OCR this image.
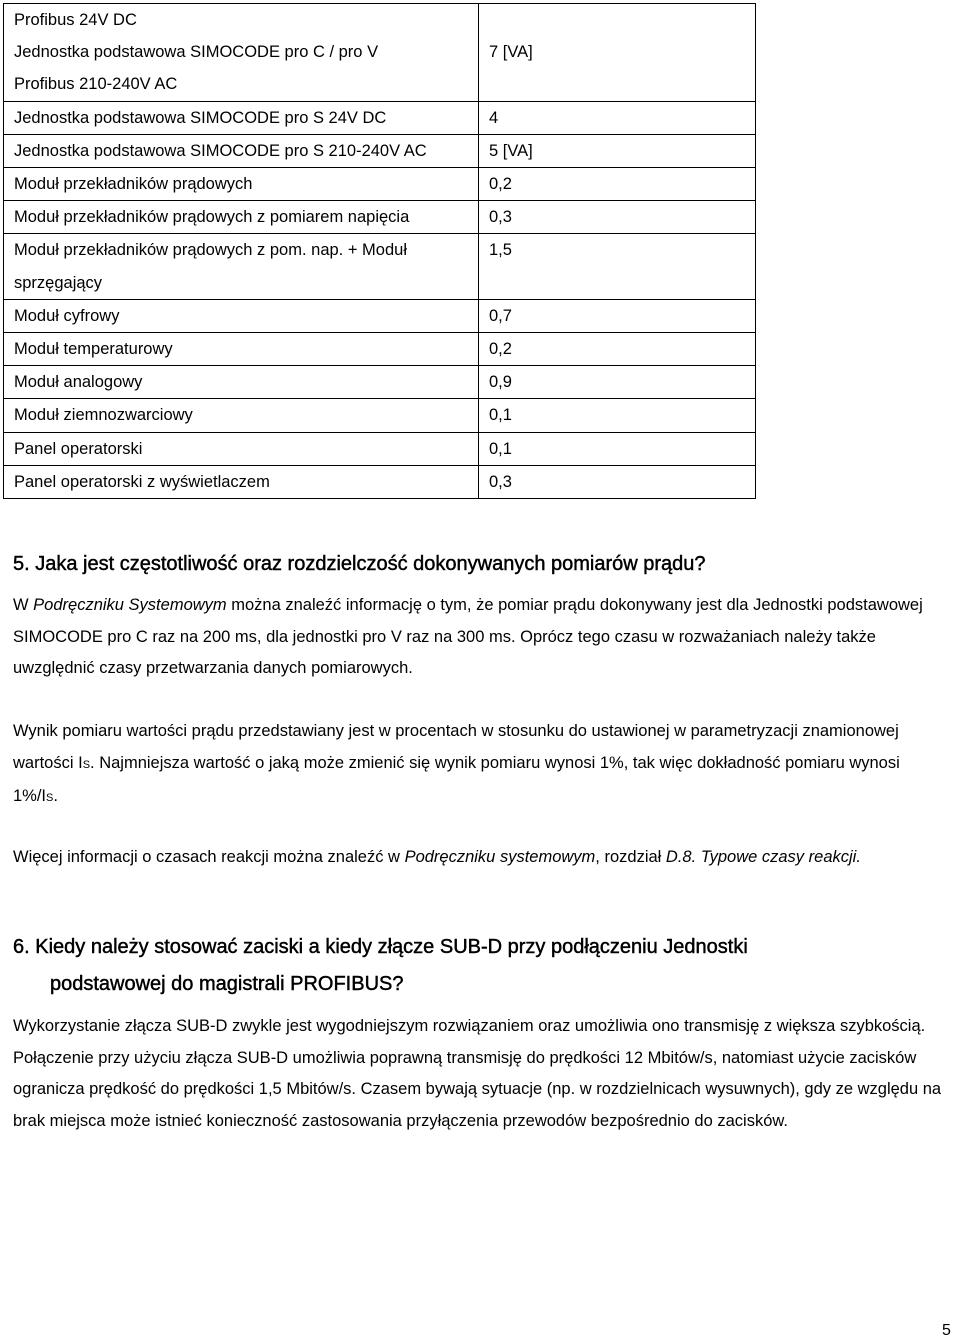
Profibus 24V DC
Jednostka podstawowa SIMOCODE pro C / pro V
Profibus 210-240V AC	7 [VA]
Jednostka podstawowa SIMOCODE pro S 24V DC	4
Jednostka podstawowa SIMOCODE pro S 210-240V AC	5 [VA]
Moduł przekładników prądowych	0,2
Moduł przekładników prądowych z pomiarem napięcia	0,3

Moduł przekładników prądowych z pom. nap. + Moduł
sprzęgający	1,5
Moduł cyfrowy	0,7
Moduł temperaturowy	0,2
Moduł analogowy	0,9
Moduł ziemnozwarciowy	0,1
Panel operatorski	0,1
Panel operatorski z wyświetlaczem	0,3
5. Jaka jest częstotliwość oraz rozdzielczość dokonywanych pomiarów prądu?

W Podręczniku Systemowym można znaleźć informację o tym, że pomiar prądu dokonywany jest dla Jednostki podstawowej SIMOCODE pro C raz na 200 ms, dla jednostki pro V raz na 300 ms. Oprócz tego czasu w rozważaniach należy także uwzględnić czasy przetwarzania danych pomiarowych.

Wynik pomiaru wartości prądu przedstawiany jest w procentach w stosunku do ustawionej w parametryzacji znamionowej wartości IS. Najmniejsza wartość o jaką może zmienić się wynik pomiaru wynosi 1%, tak więc dokładność pomiaru wynosi 1%/IS.

Więcej informacji o czasach reakcji można znaleźć w Podręczniku systemowym, rozdział D.8. Typowe czasy reakcji.

6. Kiedy należy stosować zaciski a kiedy złącze SUB-D przy podłączeniu Jednostki
podstawowej do magistrali PROFIBUS?

Wykorzystanie złącza SUB-D zwykle jest wygodniejszym rozwiązaniem oraz umożliwia ono transmisję z większa szybkością. Połączenie przy użyciu złącza SUB-D umożliwia poprawną transmisję do prędkości 12 Mbitów/s, natomiast użycie zacisków ogranicza prędkość do prędkości 1,5 Mbitów/s. Czasem bywają sytuacje (np. w rozdzielnicach wysuwnych), gdy ze względu na brak miejsca może istnieć konieczność zastosowania przyłączenia przewodów bezpośrednio do zacisków.

5
